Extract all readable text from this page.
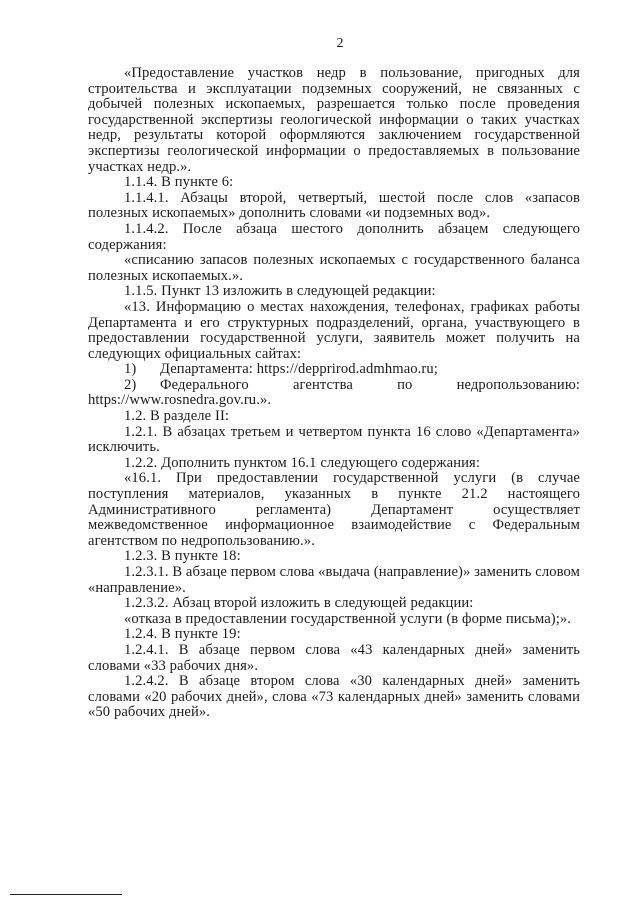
2

«Предоставление участков недр в пользование, пригодных для строительства и эксплуатации подземных сооружений, не связанных с добычей полезных ископаемых, разрешается только после проведения государственной экспертизы геологической информации о таких участках недр, результаты которой оформляются заключением государственной экспертизы геологической информации о предоставляемых в пользование участках недр.».

1.1.4. В пункте 6:

1.1.4.1. Абзацы второй, четвертый, шестой после слов «запасов полезных ископаемых» дополнить словами «и подземных вод».

1.1.4.2. После абзаца шестого дополнить абзацем следующего содержания:

«списанию запасов полезных ископаемых с государственного баланса полезных ископаемых.».

1.1.5. Пункт 13 изложить в следующей редакции:

«13. Информацию о местах нахождения, телефонах, графиках работы Департамента и его структурных подразделений, органа, участвующего в предоставлении государственной услуги, заявитель может получить на следующих официальных сайтах:

1)	Департамента: https://depprirod.admhmao.ru;
2)	Федерального агентства по недропользованию:

https://www.rosnedra.gov.ru.».

1.2. В разделе II:

1.2.1. В абзацах третьем и четвертом пункта 16 слово «Департамента» исключить.

1.2.2. Дополнить пунктом 16.1 следующего содержания:

«16.1. При предоставлении государственной услуги (в случае поступления материалов, указанных в пункте 21.2 настоящего Административного регламента) Департамент осуществляет межведомственное информационное взаимодействие с Федеральным агентством по недропользованию.».

1.2.3. В пункте 18:

1.2.3.1. В абзаце первом слова «выдача (направление)» заменить словом «направление».

1.2.3.2. Абзац второй изложить в следующей редакции:

«отказа в предоставлении государственной услуги (в форме письма);».

1.2.4. В пункте 19:

1.2.4.1. В абзаце первом слова «43 календарных дней» заменить словами «33 рабочих дня».

1.2.4.2. В абзаце втором слова «30 календарных дней» заменить словами «20 рабочих дней», слова «73 календарных дней» заменить словами «50 рабочих дней».
